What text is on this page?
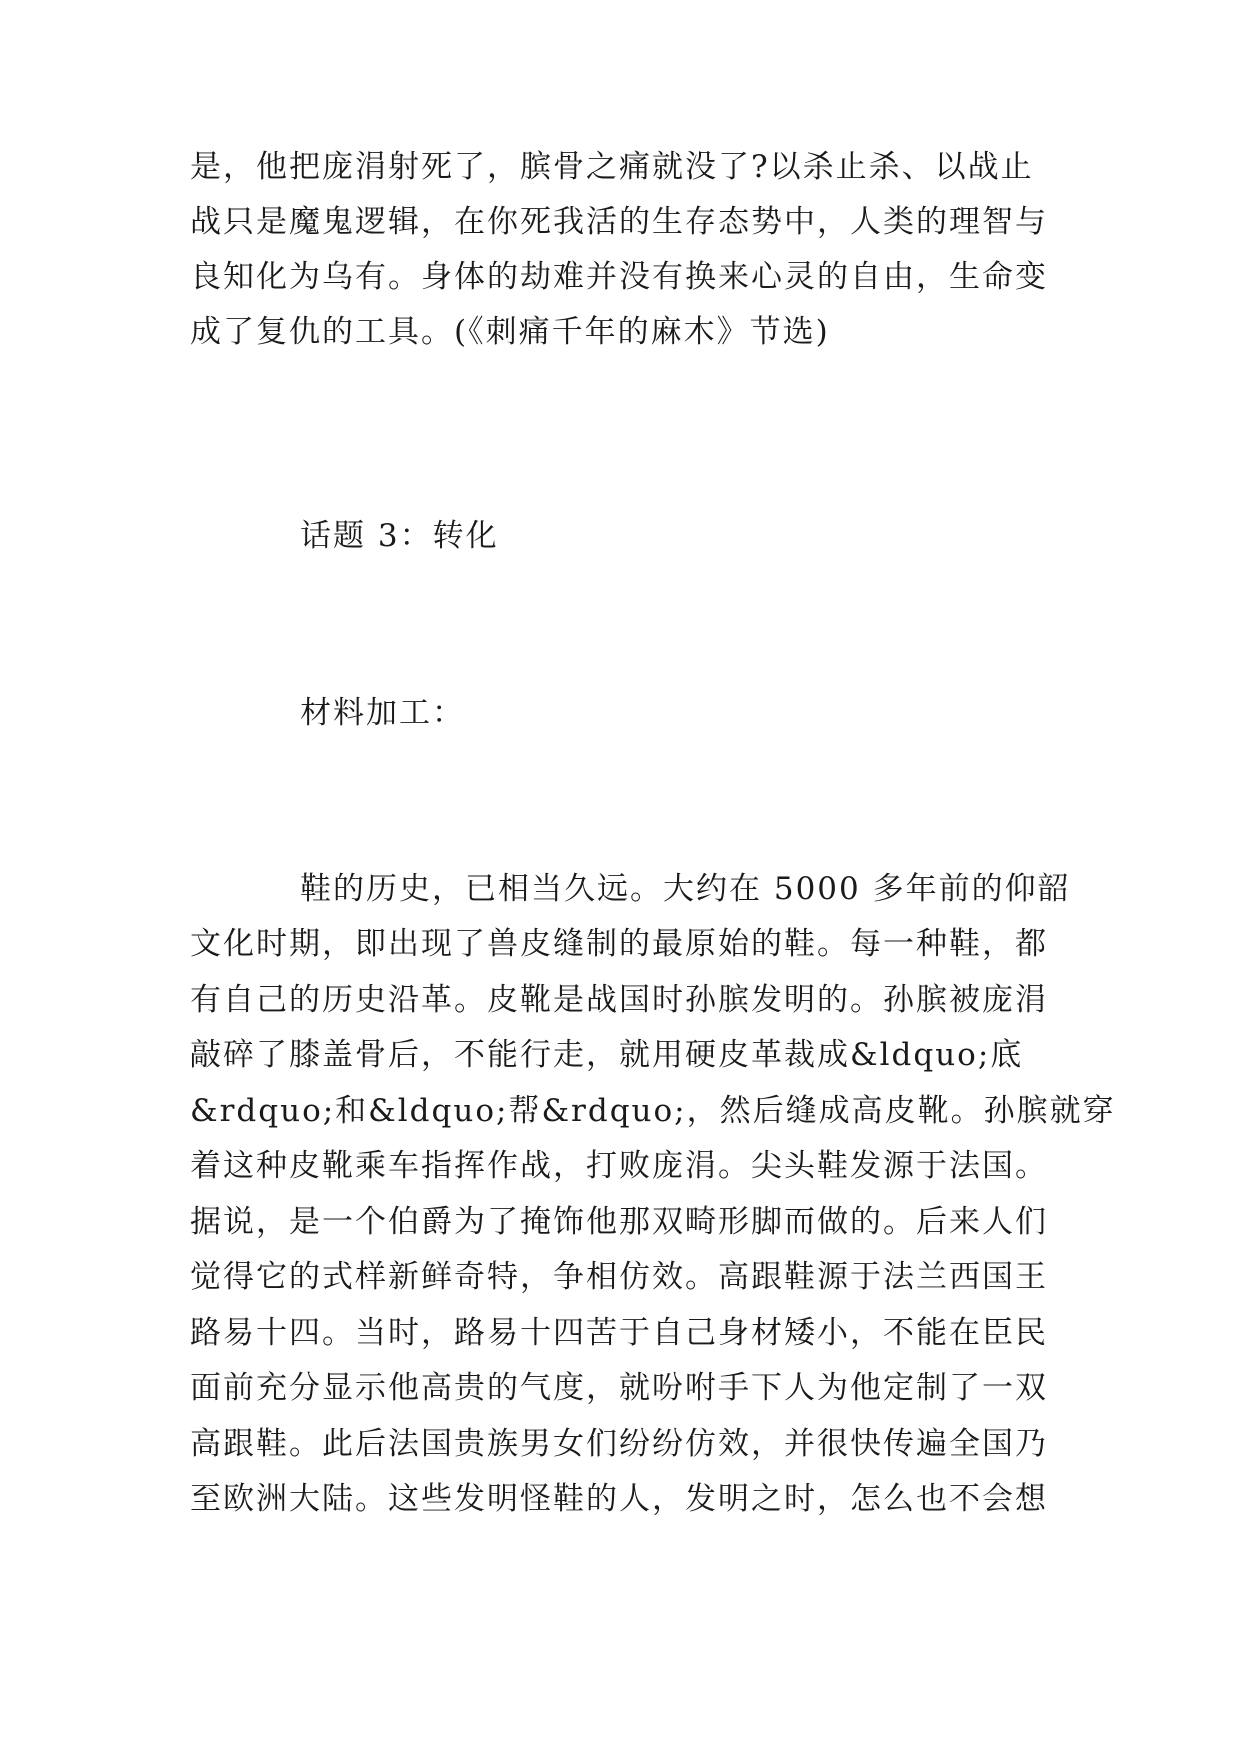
是，他把庞涓射死了，膑骨之痛就没了?以杀止杀、以战止
战只是魔鬼逻辑，在你死我活的生存态势中，人类的理智与
良知化为乌有。身体的劫难并没有换来心灵的自由，生命变
成了复仇的工具。(《刺痛千年的麻木》节选)
话题 3：转化
材料加工：
鞋的历史，已相当久远。大约在 5000 多年前的仰韶
文化时期，即出现了兽皮缝制的最原始的鞋。每一种鞋，都
有自己的历史沿革。皮靴是战国时孙膑发明的。孙膑被庞涓
敲碎了膝盖骨后，不能行走，就用硬皮革裁成&ldquo;底
&rdquo;和&ldquo;帮&rdquo;，然后缝成高皮靴。孙膑就穿
着这种皮靴乘车指挥作战，打败庞涓。尖头鞋发源于法国。
据说，是一个伯爵为了掩饰他那双畸形脚而做的。后来人们
觉得它的式样新鲜奇特，争相仿效。高跟鞋源于法兰西国王
路易十四。当时，路易十四苦于自己身材矮小，不能在臣民
面前充分显示他高贵的气度，就吩咐手下人为他定制了一双
高跟鞋。此后法国贵族男女们纷纷仿效，并很快传遍全国乃
至欧洲大陆。这些发明怪鞋的人，发明之时，怎么也不会想
